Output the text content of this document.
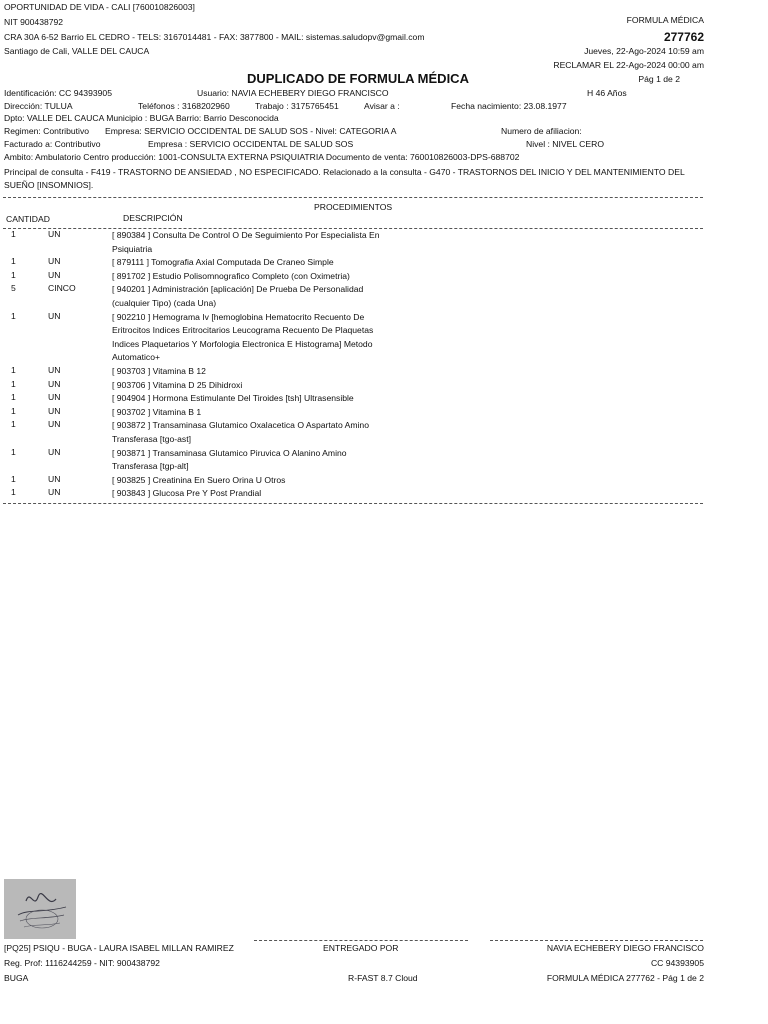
OPORTUNIDAD DE VIDA - CALI [760010826003]
NIT 900438792
CRA 30A 6-52 Barrio EL CEDRO - TELS: 3167014481 - FAX: 3877800 - MAIL: sistemas.saludopv@gmail.com
Santiago de Cali, VALLE DEL CAUCA
FORMULA MÉDICA
277762
Jueves, 22-Ago-2024 10:59 am
RECLAMAR EL 22-Ago-2024 00:00 am
Pág 1 de 2
DUPLICADO DE FORMULA MÉDICA
Identificación: CC 94393905	Usuario: NAVIA ECHEBERY DIEGO FRANCISCO	H 46 Años
Dirección: TULUA	Teléfonos : 3168202960	Trabajo : 3175765451	Avisar a :	Fecha nacimiento: 23.08.1977
Dpto: VALLE DEL CAUCA Municipio : BUGA Barrio: Barrio Desconocida
Regimen: Contributivo Empresa: SERVICIO OCCIDENTAL DE SALUD SOS - Nivel: CATEGORIA A	Numero de afiliacion:
Facturado a: Contributivo	Empresa : SERVICIO OCCIDENTAL DE SALUD SOS	Nivel : NIVEL CERO
Ambito: Ambulatorio Centro producción: 1001-CONSULTA EXTERNA PSIQUIATRIA Documento de venta: 760010826003-DPS-688702
Principal de consulta - F419 - TRASTORNO DE ANSIEDAD , NO ESPECIFICADO. Relacionado a la consulta - G470 - TRASTORNOS DEL INICIO Y DEL MANTENIMIENTO DEL
SUEÑO [INSOMNIOS].
PROCEDIMIENTOS
CANTIDAD	DESCRIPCIÓN
1	UN	[ 890384 ] Consulta De Control O De Seguimiento Por Especialista En Psiquiatria
1	UN	[ 879111 ] Tomografia Axial Computada De Craneo Simple
1	UN	[ 891702 ] Estudio Polisomnografico Completo (con Oximetria)
5	CINCO	[ 940201 ] Administración [aplicación] De Prueba De Personalidad (cualquier Tipo) (cada Una)
1	UN	[ 902210 ] Hemograma Iv [hemoglobina Hematocrito Recuento De Eritrocitos Indices Eritrocitarios Leucograma Recuento De Plaquetas Indices Plaquetarios Y Morfologia Electronica E Histograma] Metodo Automatico+
1	UN	[ 903703 ] Vitamina B 12
1	UN	[ 903706 ] Vitamina D 25 Dihidroxi
1	UN	[ 904904 ] Hormona Estimulante Del Tiroides [tsh] Ultrasensible
1	UN	[ 903702 ] Vitamina B 1
1	UN	[ 903872 ] Transaminasa Glutamico Oxalacetica O Aspartato Amino Transferasa [tgo-ast]
1	UN	[ 903871 ] Transaminasa Glutamico Piruvica O Alanino Amino Transferasa [tgp-alt]
1	UN	[ 903825 ] Creatinina En Suero Orina U Otros
1	UN	[ 903843 ] Glucosa Pre Y Post Prandial
[PQ25] PSIQU - BUGA - LAURA ISABEL MILLAN RAMIREZ
Reg. Prof: 1116244259 - NIT: 900438792
BUGA
ENTREGADO POR
R-FAST 8.7 Cloud
NAVIA ECHEBERY DIEGO FRANCISCO
CC 94393905
FORMULA MÉDICA 277762 - Pág 1 de 2
